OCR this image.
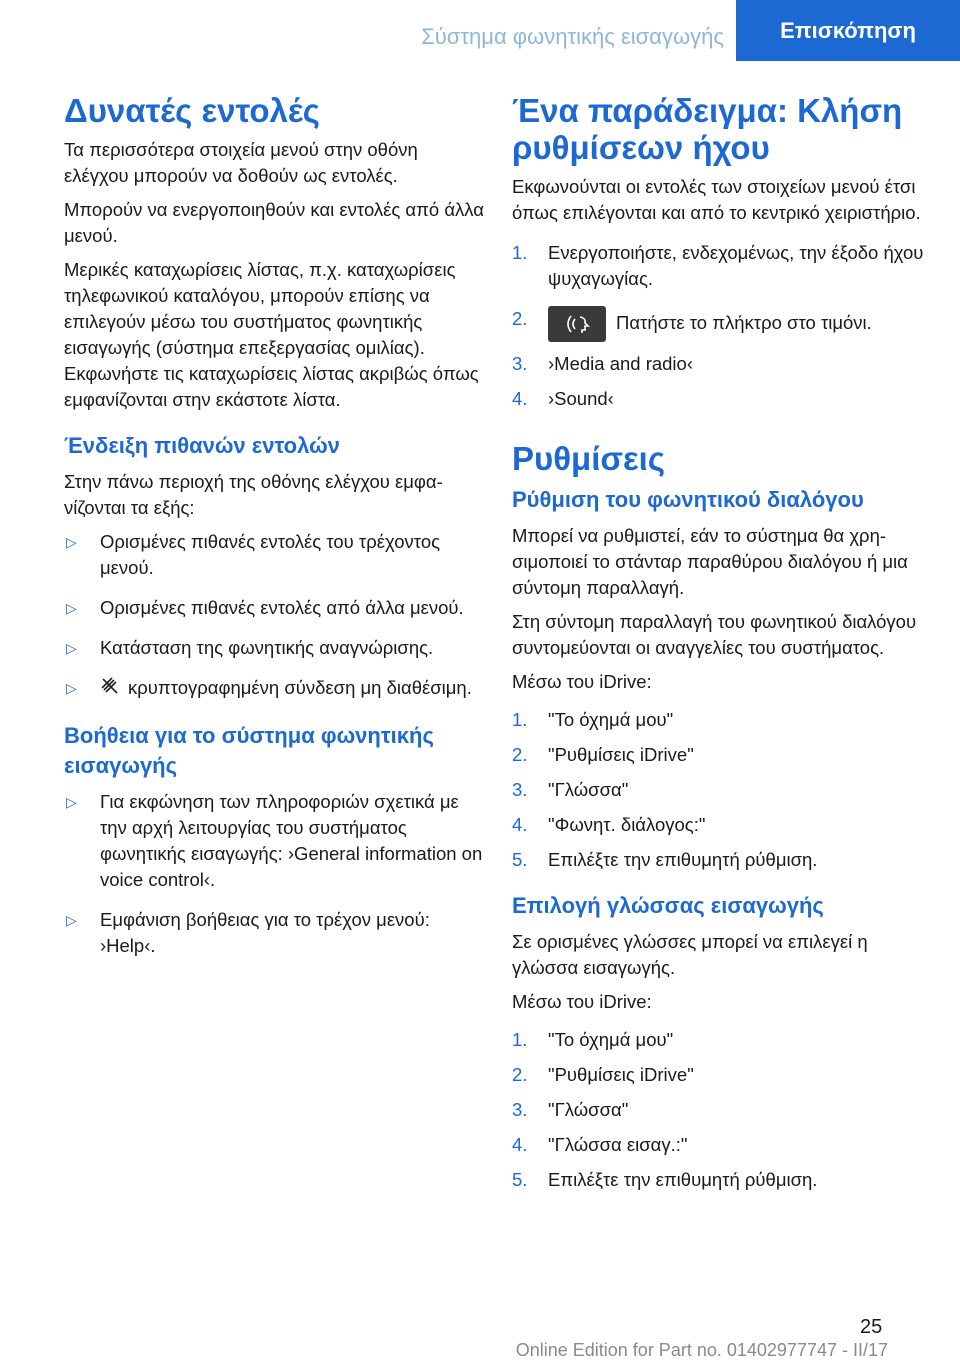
Σύστημα φωνητικής εισαγωγής	Επισκόπηση
Δυνατές εντολές

Τα περισσότερα στοιχεία μενού στην οθόνη ελέγχου μπορούν να δοθούν ως εντολές.

Μπορούν να ενεργοποιηθούν και εντολές από άλλα μενού.

Μερικές καταχωρίσεις λίστας, π.χ. καταχωρίσεις τηλεφωνικού καταλόγου, μπορούν επίσης να επιλεγούν μέσω του συστήματος φωνητικής εισαγωγής (σύστημα επεξεργασίας ομιλίας). Εκφωνήστε τις καταχωρίσεις λίστας ακριβώς όπως εμφανίζονται στην εκάστοτε λίστα.

Ένδειξη πιθανών εντολών

Στην πάνω περιοχή της οθόνης ελέγχου εμφανίζονται τα εξής:

▷ Ορισμένες πιθανές εντολές του τρέχοντος μενού.
▷ Ορισμένες πιθανές εντολές από άλλα μενού.
▷ Κατάσταση της φωνητικής αναγνώρισης.
▷	κρυπτογραφημένη σύνδεση μη διαθέσιμη.
Βοήθεια για το σύστημα φωνητικής εισαγωγής
▷ Για εκφώνηση των πληροφοριών σχετικά με την αρχή λειτουργίας του συστήματος φωνητικής εισαγωγής: ›General information on voice control‹.
▷ Εμφάνιση βοήθειας για το τρέχον μενού: ›Help‹.
Ένα παράδειγμα: Κλήση ρυθμίσεων ήχου

Εκφωνούνται οι εντολές των στοιχείων μενού έτσι όπως επιλέγονται και από το κεντρικό χειριστήριο.

1. Ενεργοποιήστε, ενδεχομένως, την έξοδο ήχου ψυχαγωγίας.
2.	Πατήστε το πλήκτρο στο τιμόνι.
3. ›Media and radio‹
4. ›Sound‹
Ρυθμίσεις
Ρύθμιση του φωνητικού διαλόγου

Μπορεί να ρυθμιστεί, εάν το σύστημα θα χρησιμοποιεί το στάνταρ παραθύρου διαλόγου ή μια σύντομη παραλλαγή.

Στη σύντομη παραλλαγή του φωνητικού διαλόγου συντομεύονται οι αναγγελίες του συστήματος.

Μέσω του iDrive:

1. "Το όχημά μου"
2. "Ρυθμίσεις iDrive"
3. "Γλώσσα"
4. "Φωνητ. διάλογος:"
5. Επιλέξτε την επιθυμητή ρύθμιση.
Επιλογή γλώσσας εισαγωγής

Σε ορισμένες γλώσσες μπορεί να επιλεγεί η γλώσσα εισαγωγής.

Μέσω του iDrive:

1. "Το όχημά μου"
2. "Ρυθμίσεις iDrive"
3. "Γλώσσα"
4. "Γλώσσα εισαγ.:"
5. Επιλέξτε την επιθυμητή ρύθμιση.
25
Online Edition for Part no. 01402977747 - II/17
